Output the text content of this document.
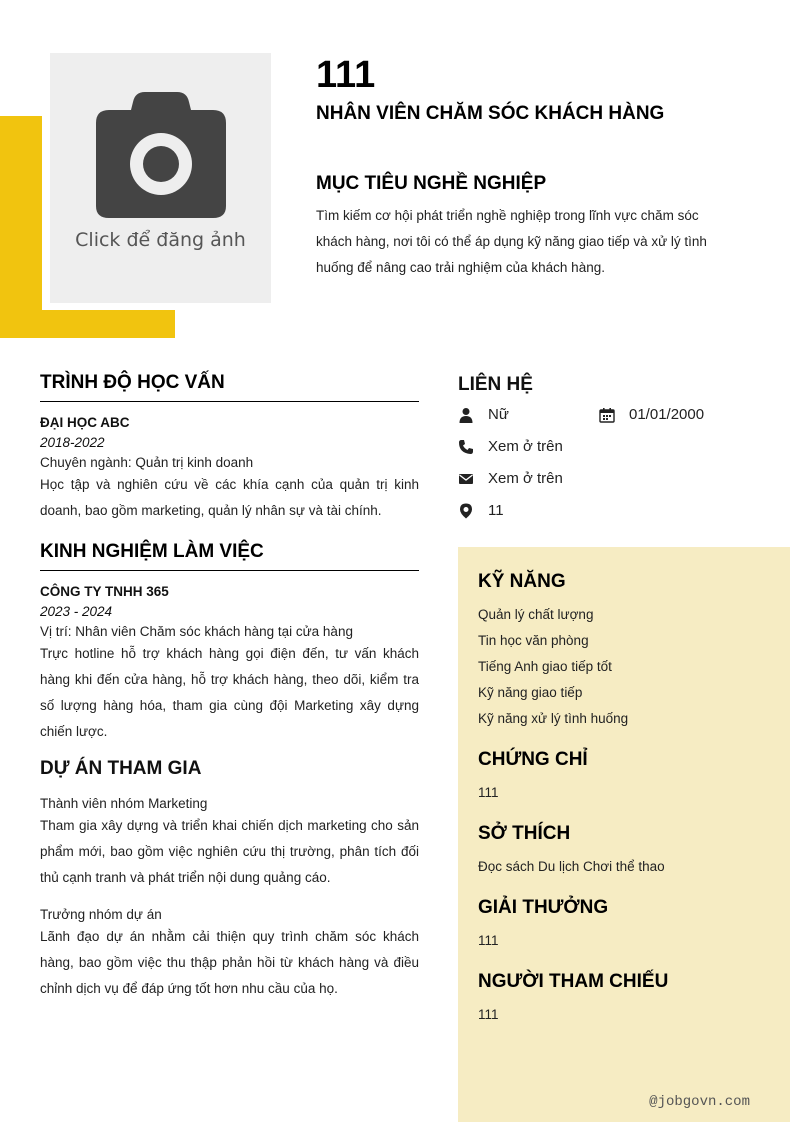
Click để đăng ảnh
111
NHÂN VIÊN CHĂM SÓC KHÁCH HÀNG
MỤC TIÊU NGHỀ NGHIỆP
Tìm kiếm cơ hội phát triển nghề nghiệp trong lĩnh vực chăm sóc khách hàng, nơi tôi có thể áp dụng kỹ năng giao tiếp và xử lý tình huống để nâng cao trải nghiệm của khách hàng.
TRÌNH ĐỘ HỌC VẤN
ĐẠI HỌC ABC
2018-2022
Chuyên ngành: Quản trị kinh doanh
Học tập và nghiên cứu về các khía cạnh của quản trị kinh doanh, bao gồm marketing, quản lý nhân sự và tài chính.
KINH NGHIỆM LÀM VIỆC
CÔNG TY TNHH 365
2023 - 2024
Vị trí: Nhân viên Chăm sóc khách hàng tại cửa hàng
Trực hotline hỗ trợ khách hàng gọi điện đến, tư vấn khách hàng khi đến cửa hàng, hỗ trợ khách hàng, theo dõi, kiểm tra số lượng hàng hóa, tham gia cùng đội Marketing xây dựng chiến lược.
DỰ ÁN THAM GIA
Thành viên nhóm Marketing
Tham gia xây dựng và triển khai chiến dịch marketing cho sản phẩm mới, bao gồm việc nghiên cứu thị trường, phân tích đối thủ cạnh tranh và phát triển nội dung quảng cáo.
Trưởng nhóm dự án
Lãnh đạo dự án nhằm cải thiện quy trình chăm sóc khách hàng, bao gồm việc thu thập phản hồi từ khách hàng và điều chỉnh dịch vụ để đáp ứng tốt hơn nhu cầu của họ.
LIÊN HỆ
Nữ	01/01/2000
Xem ở trên
Xem ở trên
11
KỸ NĂNG
Quản lý chất lượng
Tin học văn phòng
Tiếng Anh giao tiếp tốt
Kỹ năng giao tiếp
Kỹ năng xử lý tình huống
CHỨNG CHỈ
111
SỞ THÍCH
Đọc sách Du lịch Chơi thể thao
GIẢI THƯỞNG
111
NGƯỜI THAM CHIẾU
111
@jobgovn.com
